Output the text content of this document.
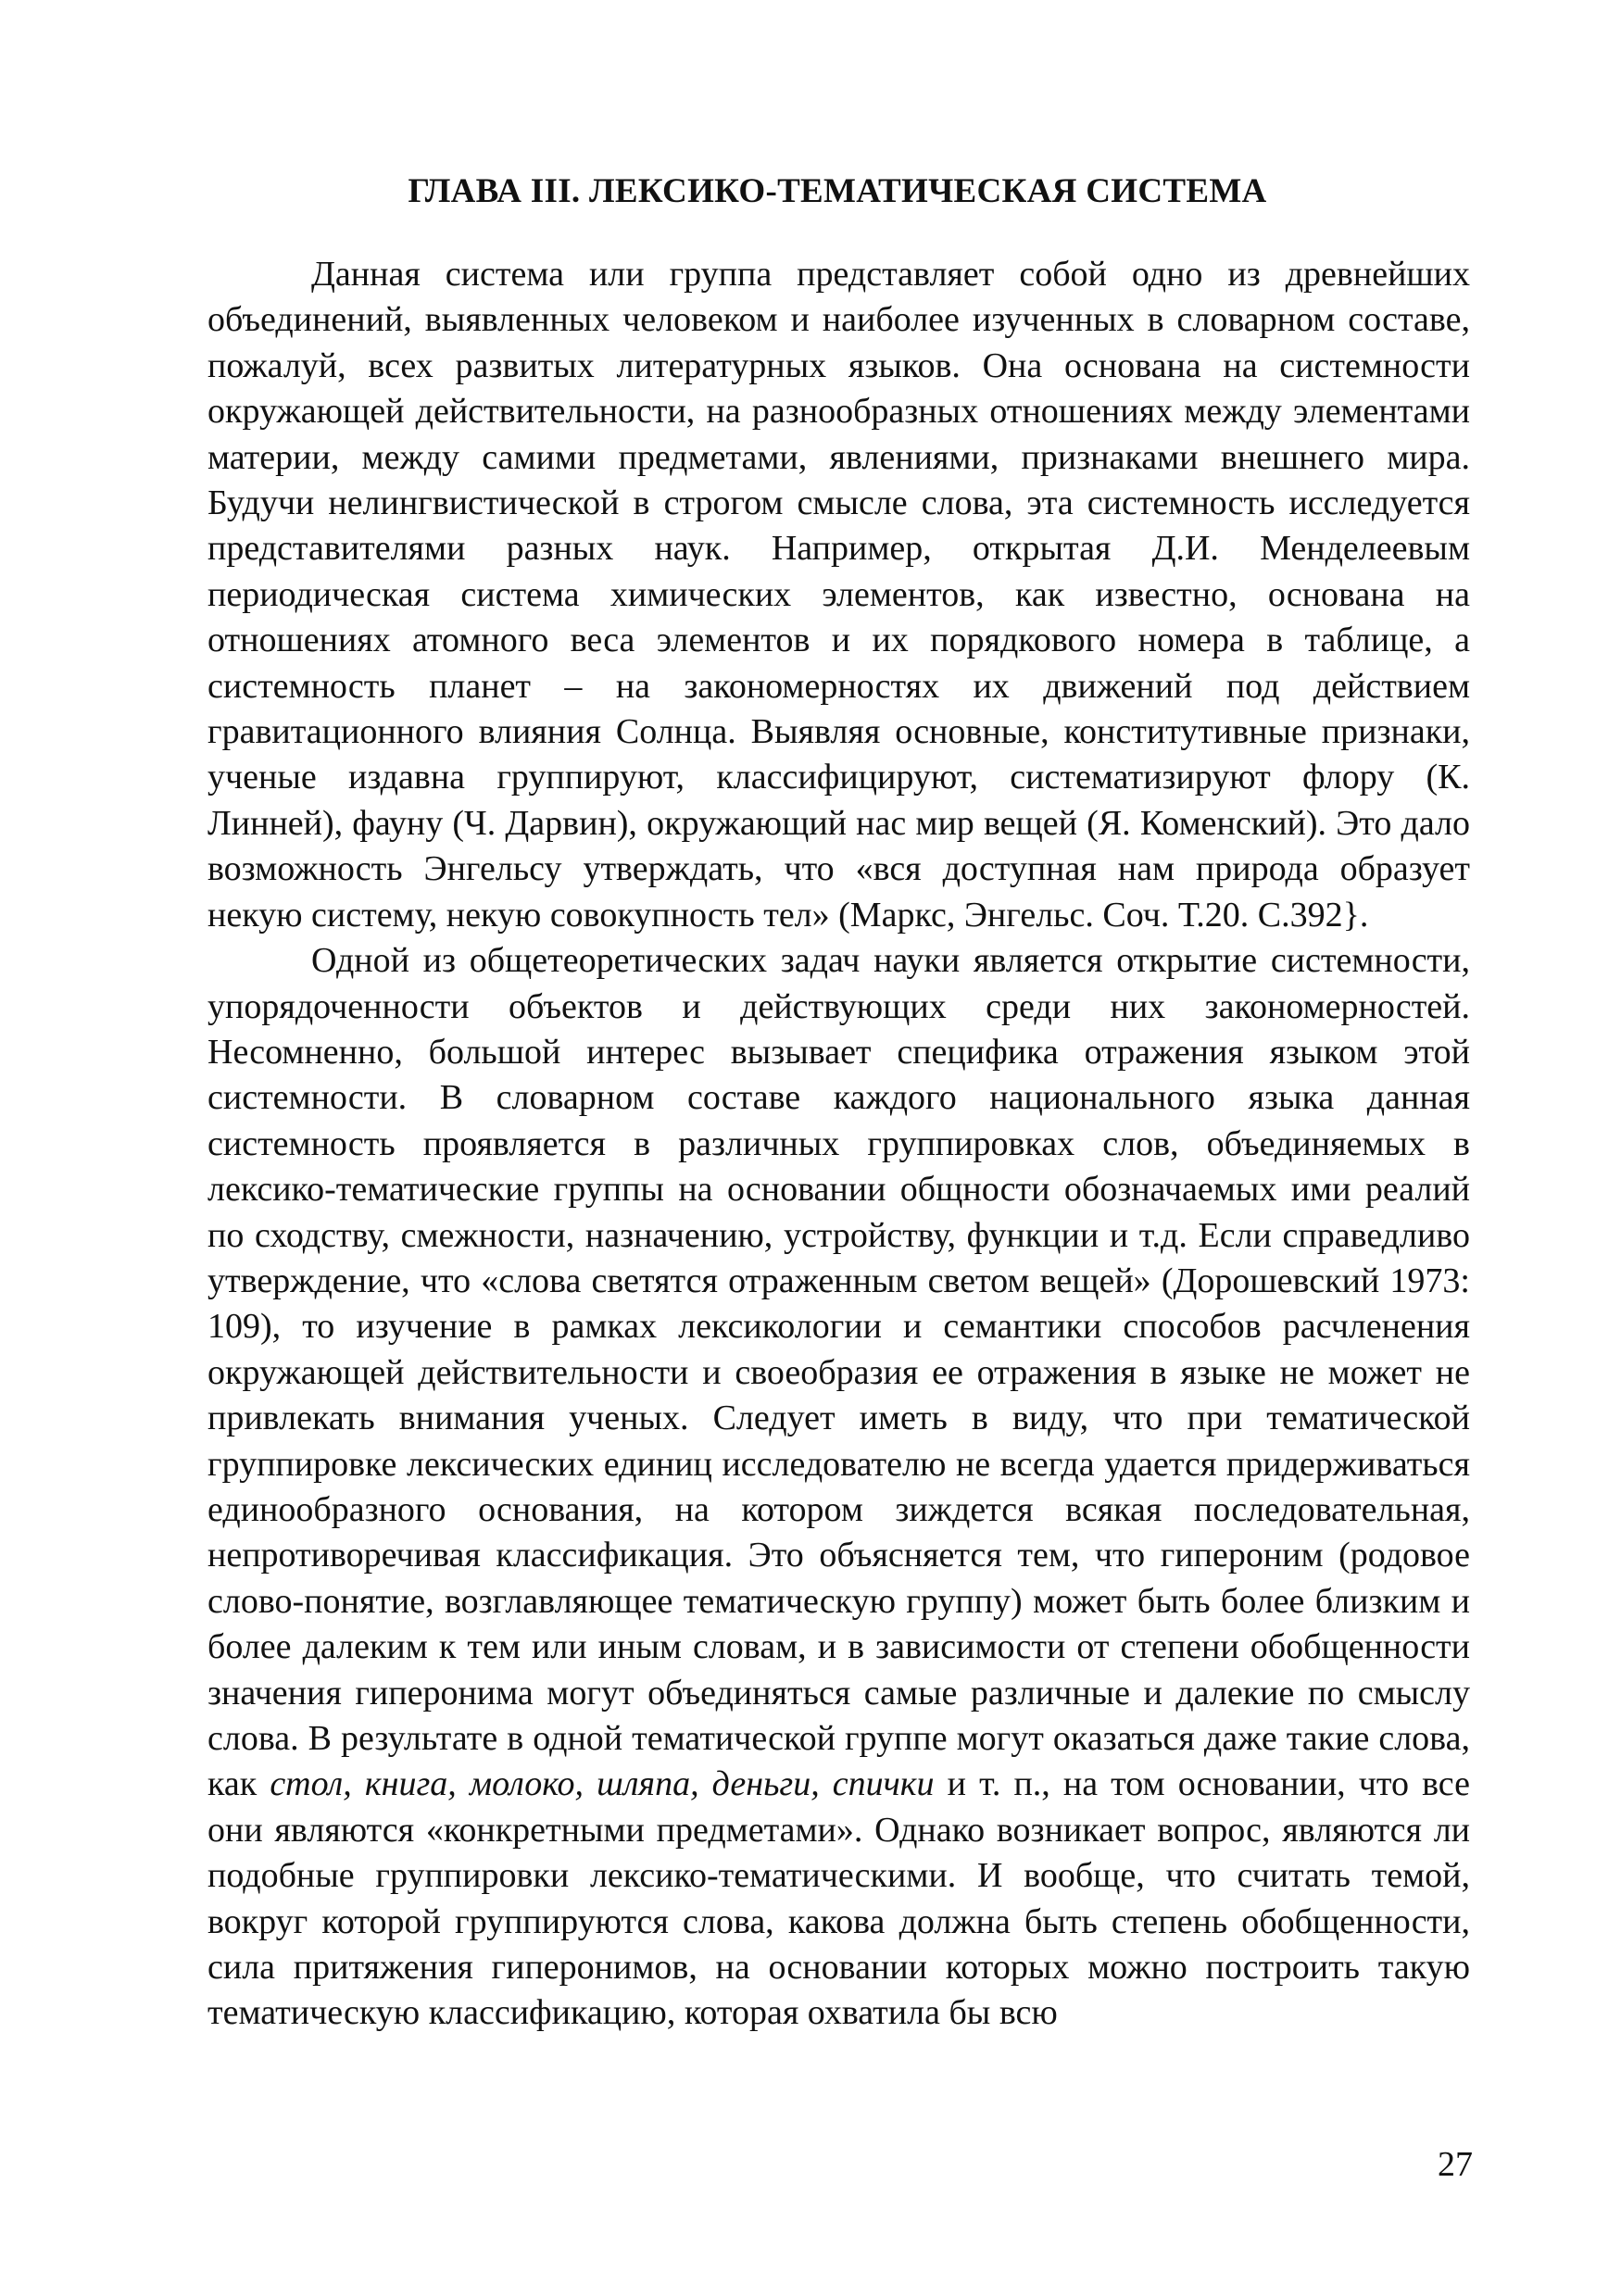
ГЛАВА III. ЛЕКСИКО-ТЕМАТИЧЕСКАЯ СИСТЕМА

Данная система или группа представляет собой одно из древнейших объединений, выявленных человеком и наиболее изученных в словарном составе, пожалуй, всех развитых литературных языков. Она основана на системности окружающей действительности, на разнообразных отношениях между элементами материи, между самими предметами, явлениями, признаками внешнего мира. Будучи нелингвистической в строгом смысле слова, эта системность исследуется представителями разных наук. Например, открытая Д.И. Менделеевым периодическая система химических элементов, как известно, основана на отношениях атомного веса элементов и их порядкового номера в таблице, а системность планет – на закономерностях их движений под действием гравитационного влияния Солнца. Выявляя основные, конститутивные признаки, ученые издавна группируют, классифицируют, систематизируют флору (К. Линней), фауну (Ч. Дарвин), окружающий нас мир вещей (Я. Коменский). Это дало возможность Энгельсу утверждать, что «вся доступная нам природа образует некую систему, некую совокупность тел» (Маркс, Энгельс. Соч. Т.20. С.392}.

Одной из общетеоретических задач науки является открытие системности, упорядоченности объектов и действующих среди них закономерностей. Несомненно, большой интерес вызывает специфика отражения языком этой системности. В словарном составе каждого национального языка данная системность проявляется в различных группировках слов, объединяемых в лексико-тематические группы на основании общности обозначаемых ими реалий по сходству, смежности, назначению, устройству, функции и т.д. Если справедливо утверждение, что «слова светятся отраженным светом вещей» (Дорошевский 1973: 109), то изучение в рамках лексикологии и семантики способов расчленения окружающей действительности и своеобразия ее отражения в языке не может не привлекать внимания ученых. Следует иметь в виду, что при тематической группировке лексических единиц исследователю не всегда удается придерживаться единообразного основания, на котором зиждется всякая последовательная, непротиворечивая классификация. Это объясняется тем, что гипероним (родовое слово-понятие, возглавляющее тематическую группу) может быть более близким и более далеким к тем или иным словам, и в зависимости от степени обобщенности значения гиперонима могут объединяться самые различные и далекие по смыслу слова. В результате в одной тематической группе могут оказаться даже такие слова, как стол, книга, молоко, шляпа, деньги, спички и т. п., на том основании, что все они являются «конкретными предметами». Однако возникает вопрос, являются ли подобные группировки лексико-тематическими. И вообще, что считать темой, вокруг которой группируются слова, какова должна быть степень обобщенности, сила притяжения гиперонимов, на основании которых можно построить такую тематическую классификацию, которая охватила бы всю

27
